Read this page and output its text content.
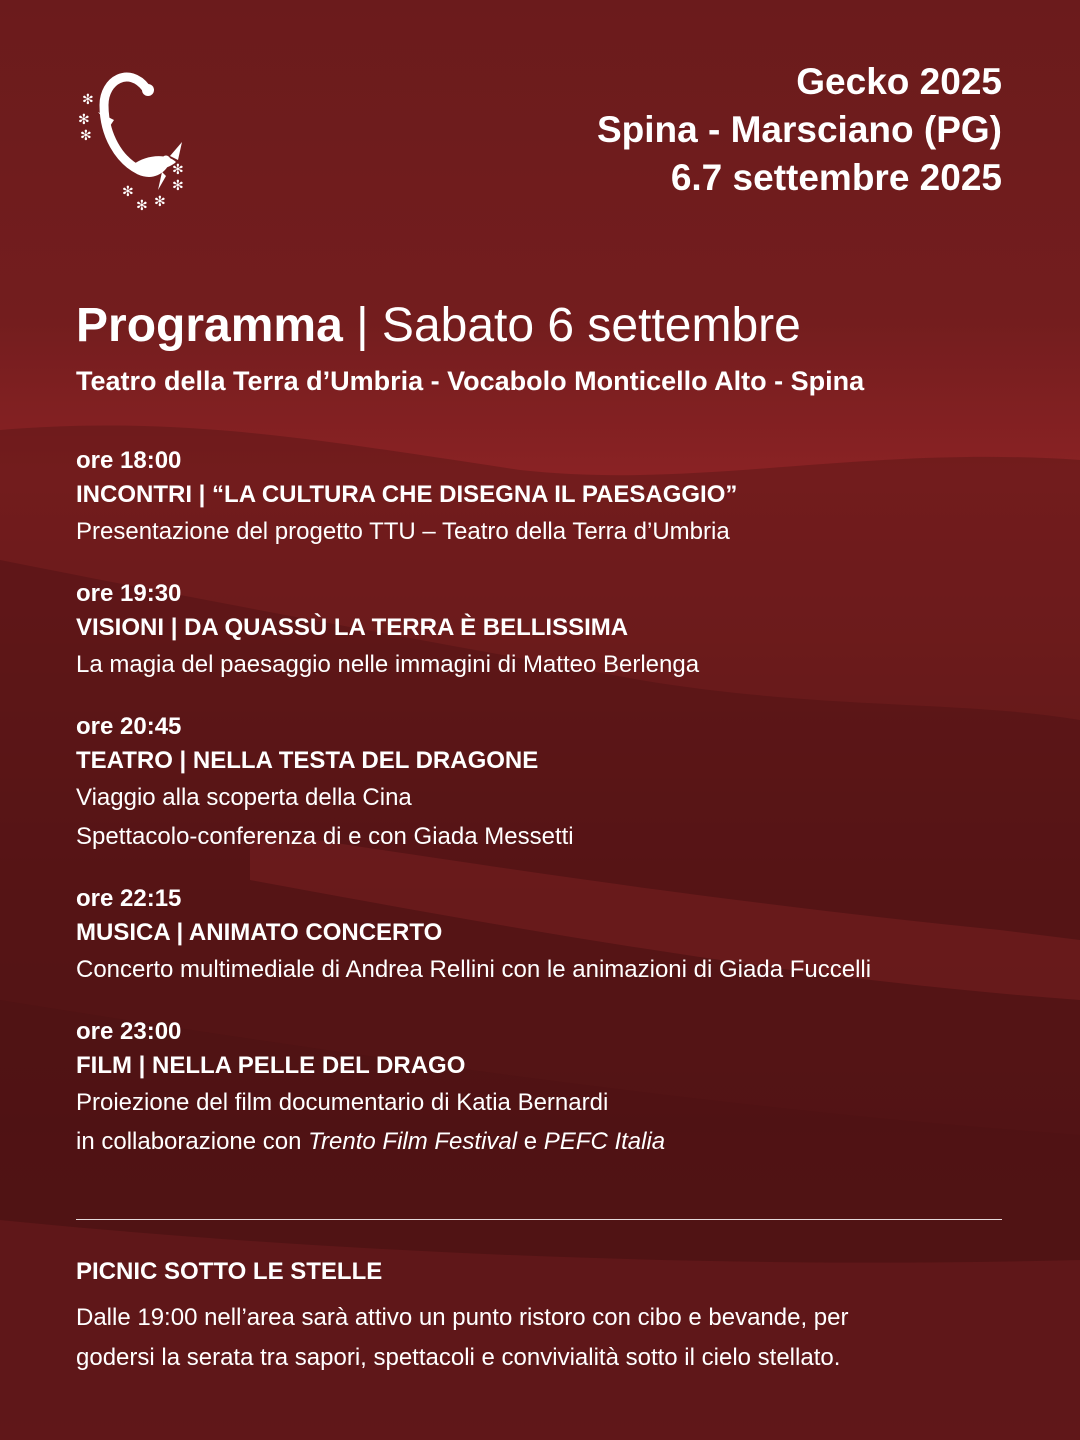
✻
✻
✻
✻
✻ ✻
✻
✻
Gecko 2025
Spina - Marsciano (PG)
6.7 settembre 2025
Programma | Sabato 6 settembre
Teatro della Terra d’Umbria - Vocabolo Monticello Alto - Spina
ore 18:00
INCONTRI | “LA CULTURA CHE DISEGNA IL PAESAGGIO”
Presentazione del progetto TTU – Teatro della Terra d’Umbria
ore 19:30
VISIONI | DA QUASSÙ LA TERRA È BELLISSIMA
La magia del paesaggio nelle immagini di Matteo Berlenga
ore 20:45
TEATRO | NELLA TESTA DEL DRAGONE
Viaggio alla scoperta della Cina
Spettacolo-conferenza di e con Giada Messetti
ore 22:15
MUSICA | ANIMATO CONCERTO
Concerto multimediale di Andrea Rellini con le animazioni di Giada Fuccelli
ore 23:00
FILM | NELLA PELLE DEL DRAGO
Proiezione del film documentario di Katia Bernardi
in collaborazione con Trento Film Festival e PEFC Italia
PICNIC SOTTO LE STELLE
Dalle 19:00 nell’area sarà attivo un punto ristoro con cibo e bevande, per
godersi la serata tra sapori, spettacoli e convivialità sotto il cielo stellato.
